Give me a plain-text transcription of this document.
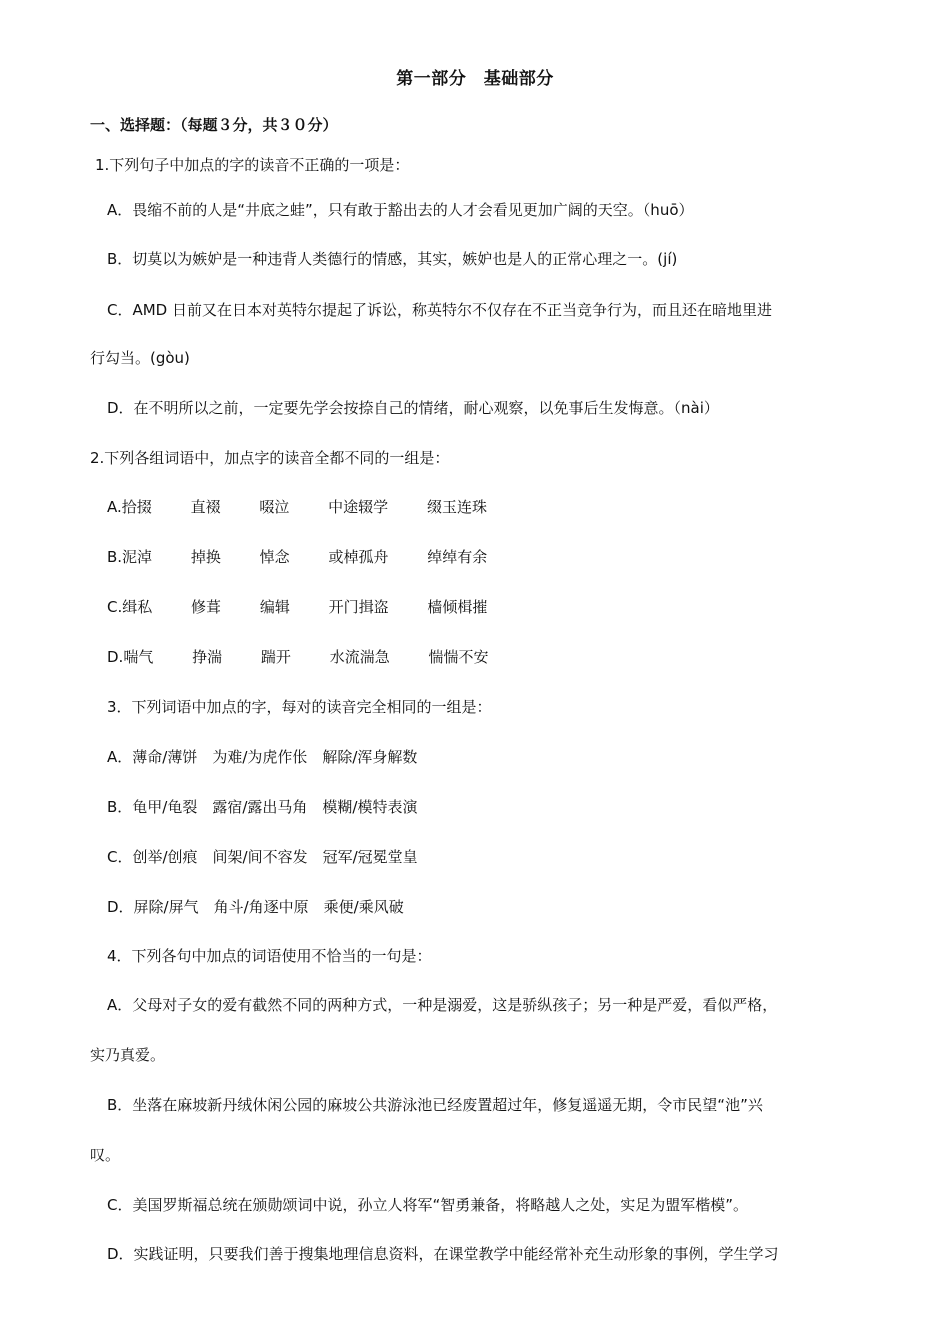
第一部分　基础部分
一、选择题：（每题３分，共３０分）
1.下列句子中加点的字的读音不正确的一项是：
A．畏缩不前的人是“井底之蛙”，只有敢于豁出去的人才会看见更加广阔的天空。（huō）
B．切莫以为嫉妒是一种违背人类德行的情感，其实，嫉妒也是人的正常心理之一。(jí)
C．AMD 日前又在日本对英特尔提起了诉讼，称英特尔不仅存在不正当竞争行为，而且还在暗地里进
行勾当。(gòu)
D．在不明所以之前，一定要先学会按捺自己的情绪，耐心观察，以免事后生发悔意。（nài）
2.下列各组词语中，加点字的读音全都不同的一组是：
A.拾掇	直裰	啜泣	中途辍学	缀玉连珠
B.泥淖	掉换	悼念	或棹孤舟	绰绰有余
C.缉私	修葺	编辑	开门揖盗	樯倾楫摧
D.喘气	挣湍	踹开	水流湍急	惴惴不安
3．下列词语中加点的字，每对的读音完全相同的一组是：
A．薄命/薄饼　为难/为虎作伥　解除/浑身解数
B．龟甲/龟裂　露宿/露出马角　模糊/模特表演
C．创举/创痕　间架/间不容发　冠军/冠冕堂皇
D．屏除/屏气　角斗/角逐中原　乘便/乘风破
4．下列各句中加点的词语使用不恰当的一句是：
A．父母对子女的爱有截然不同的两种方式，一种是溺爱，这是骄纵孩子；另一种是严爱，看似严格，
实乃真爱。
B．坐落在麻坡新丹绒休闲公园的麻坡公共游泳池已经废置超过年，修复遥遥无期，令市民望“池”兴
叹。
C．美国罗斯福总统在颁勋颂词中说，孙立人将军“智勇兼备，将略越人之处，实足为盟军楷模”。
D．实践证明，只要我们善于搜集地理信息资料，在课堂教学中能经常补充生动形象的事例，学生学习
